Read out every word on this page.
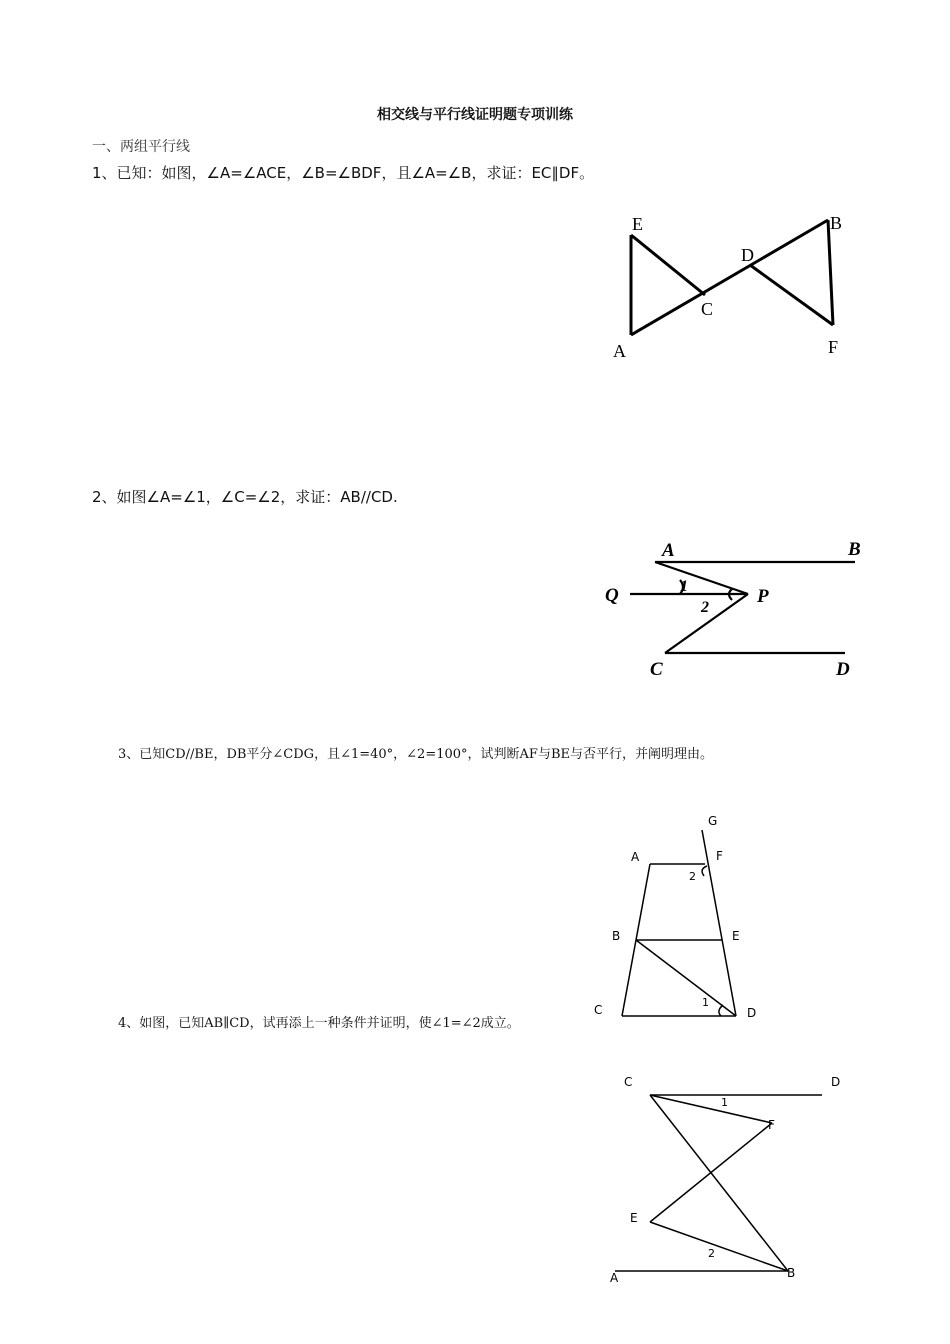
相交线与平行线证明题专项训练
一、两组平行线
1、已知：如图，∠A=∠ACE，∠B=∠BDF，且∠A=∠B，求证：EC∥DF。
E	B
D
C
A	F
2、如图∠A=∠1，∠C=∠2，求证：AB//CD.
A	B
Q	P
C	D
1
2
3、已知CD//BE，DB平分∠CDG，且∠1=40°，∠2=100°，试判断AF与BE与否平行，并阐明理由。
G
A	F
B	E
C	D
2
1
4、如图，已知AB∥CD，试再添上一种条件并证明，使∠1=∠2成立。
C	D
F
E
A	B
1
2
